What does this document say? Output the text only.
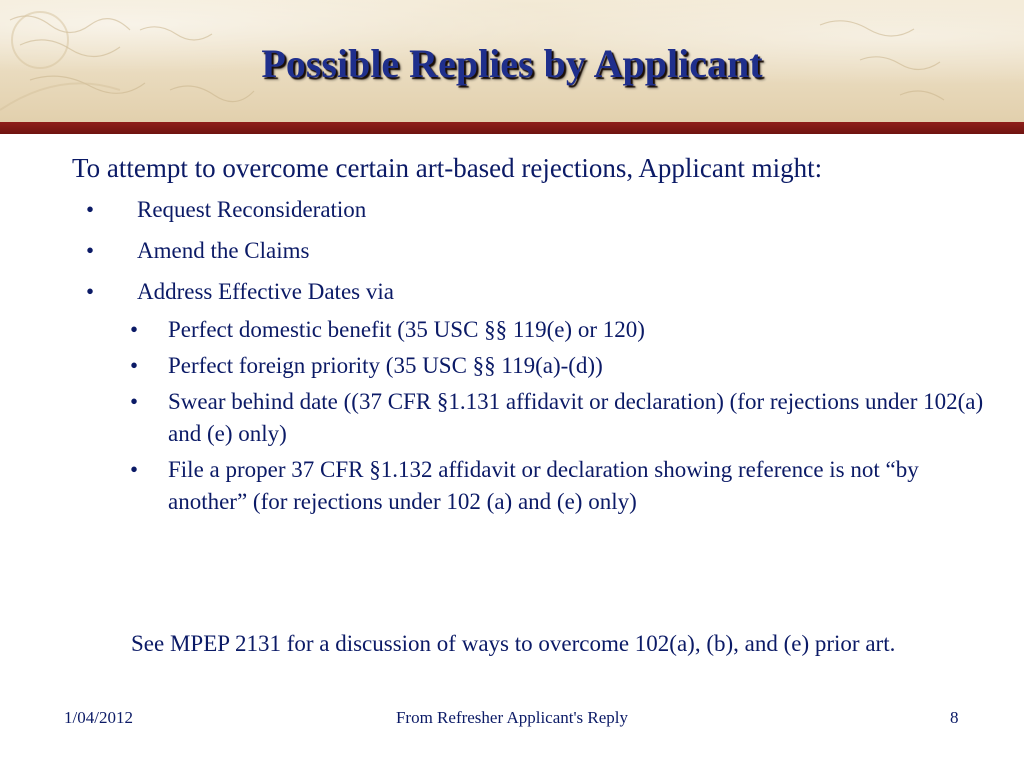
Possible Replies by Applicant

To attempt to overcome certain art-based rejections, Applicant might:

• Request Reconsideration
• Amend the Claims
• Address Effective Dates via
• Perfect domestic benefit (35 USC §§ 119(e) or 120)
• Perfect foreign priority (35 USC §§ 119(a)-(d))
• Swear behind date ((37 CFR §1.131 affidavit or declaration) (for rejections under 102(a) and (e) only)
• File a proper 37 CFR §1.132 affidavit or declaration showing reference is not “by another” (for rejections under 102 (a) and (e) only)

See MPEP 2131 for a discussion of ways to overcome 102(a), (b), and (e) prior art.

1/04/2012	From Refresher Applicant's Reply	8
